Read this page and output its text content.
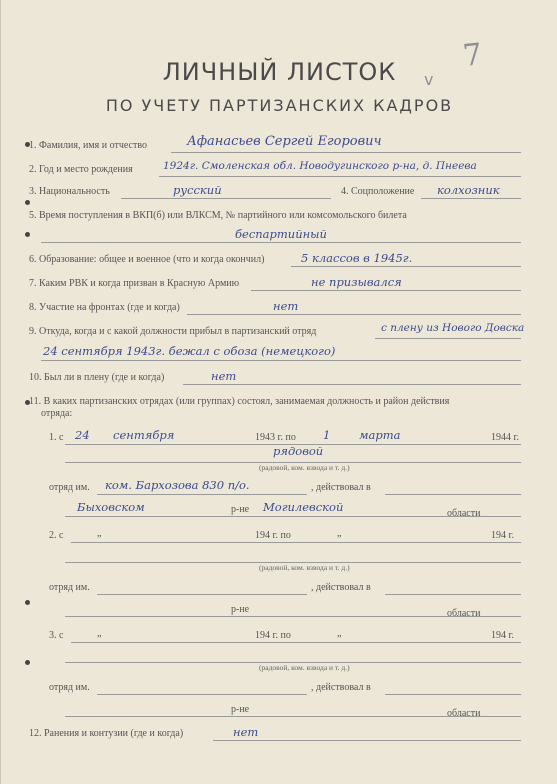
7
v
ЛИЧНЫЙ ЛИСТОК
ПО УЧЕТУ ПАРТИЗАНСКИХ КАДРОВ
1. Фамилия, имя и отчество	Афанасьев Сергей Егорович
2. Год и место рождения	1924г. Смоленская обл. Новодугинского р-на, д. Пнеева
3. Национальность	русский	4. Соцположение колхозник
5. Время поступления в ВКП(б) или ВЛКСМ, № партийного или комсомольского билета
беспартийный
6. Образование: общее и военное (что и когда окончил)	5 классов в 1945г.
7. Каким РВК и когда призван в Красную Армию	не призывался
8. Участие на фронтах (где и когда)	нет
9. Откуда, когда и с какой должности прибыл в партизанский отряд	с плену из Нового Довска
24 сентября 1943г. бежал с обоза (немецкого)
10. Был ли в плену (где и когда)	нет
11. В каких партизанских отрядах (или группах) состоял, занимаемая должность и район действия
отряда:
1. с 24 сентября	1943 г. по 1 марта	1944 г.
рядовой
(радовой, ком. взвода и т. д.)
отряд им. ком. Бархозова 830 п/о.	, действовал в
Быховском	р-не Могилевской	области
2. с	„	194 г. по	„	194 г.
(радовой, ком. взвода и т. д.)
отряд им.	, действовал в
р-не	области
3. с	„	194 г. по	„	194 г.
(радовой, ком. взвода и т. д.)
отряд им.	, действовал в
р-не	области
12. Ранения и контузии (где и когда)	нет
